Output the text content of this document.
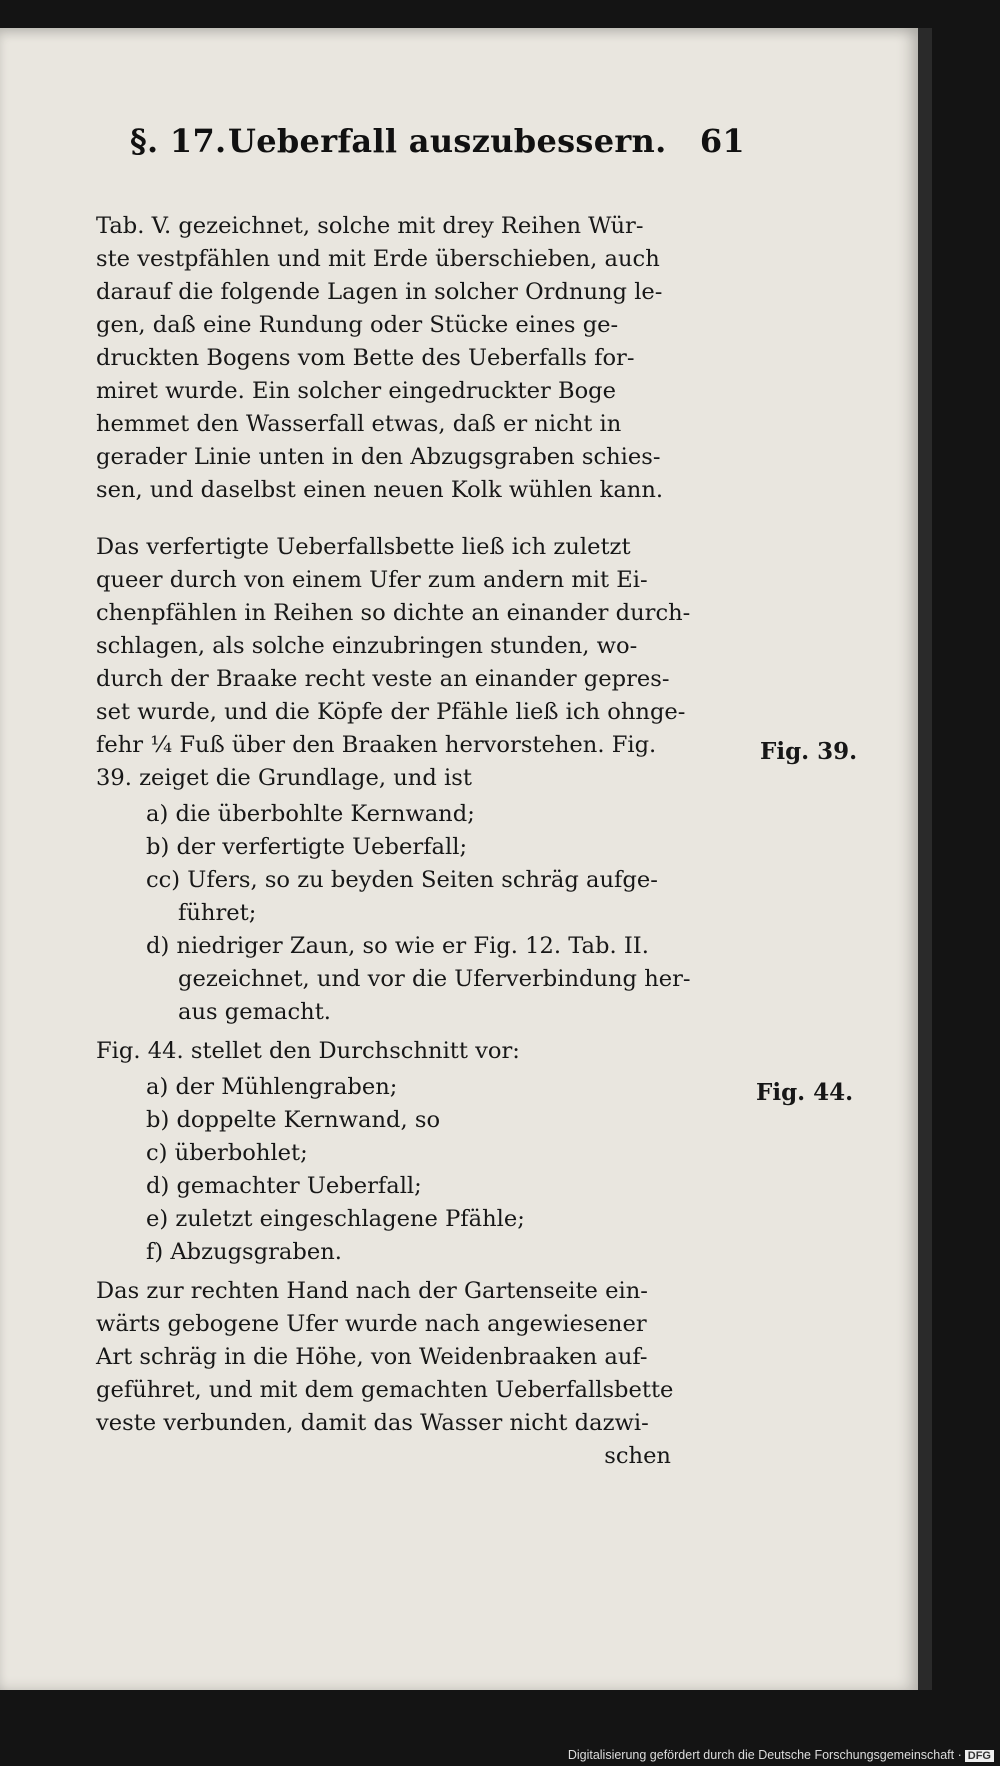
§. 17. Ueberfall auszubessern. 61
Fig. 39.
Fig. 44.

Tab. V. gezeichnet, solche mit drey Reihen Wür-
ste vestpfählen und mit Erde überschieben, auch
darauf die folgende Lagen in solcher Ordnung le-
gen, daß eine Rundung oder Stücke eines ge-
druckten Bogens vom Bette des Ueberfalls for-
miret wurde. Ein solcher eingedruckter Boge
hemmet den Wasserfall etwas, daß er nicht in
gerader Linie unten in den Abzugsgraben schies-
sen, und daselbst einen neuen Kolk wühlen kann.

Das verfertigte Ueberfallsbette ließ ich zuletzt
queer durch von einem Ufer zum andern mit Ei-
chenpfählen in Reihen so dichte an einander durch-
schlagen, als solche einzubringen stunden, wo-
durch der Braake recht veste an einander gepres-
set wurde, und die Köpfe der Pfähle ließ ich ohnge-
fehr ¼ Fuß über den Braaken hervorstehen. Fig.
39. zeiget die Grundlage, und ist

a) die überbohlte Kernwand;
b) der verfertigte Ueberfall;
cc) Ufers, so zu beyden Seiten schräg aufge-
führet;
d) niedriger Zaun, so wie er Fig. 12. Tab. II.
gezeichnet, und vor die Uferverbindung her-
aus gemacht.

Fig. 44. stellet den Durchschnitt vor:

a) der Mühlengraben;
b) doppelte Kernwand, so
c) überbohlet;
d) gemachter Ueberfall;
e) zuletzt eingeschlagene Pfähle;
f) Abzugsgraben.

Das zur rechten Hand nach der Gartenseite ein-
wärts gebogene Ufer wurde nach angewiesener
Art schräg in die Höhe, von Weidenbraaken auf-
geführet, und mit dem gemachten Ueberfallsbette
veste verbunden, damit das Wasser nicht dazwi-
schen

Digitalisierung gefördert durch die Deutsche Forschungsgemeinschaft · DFG
